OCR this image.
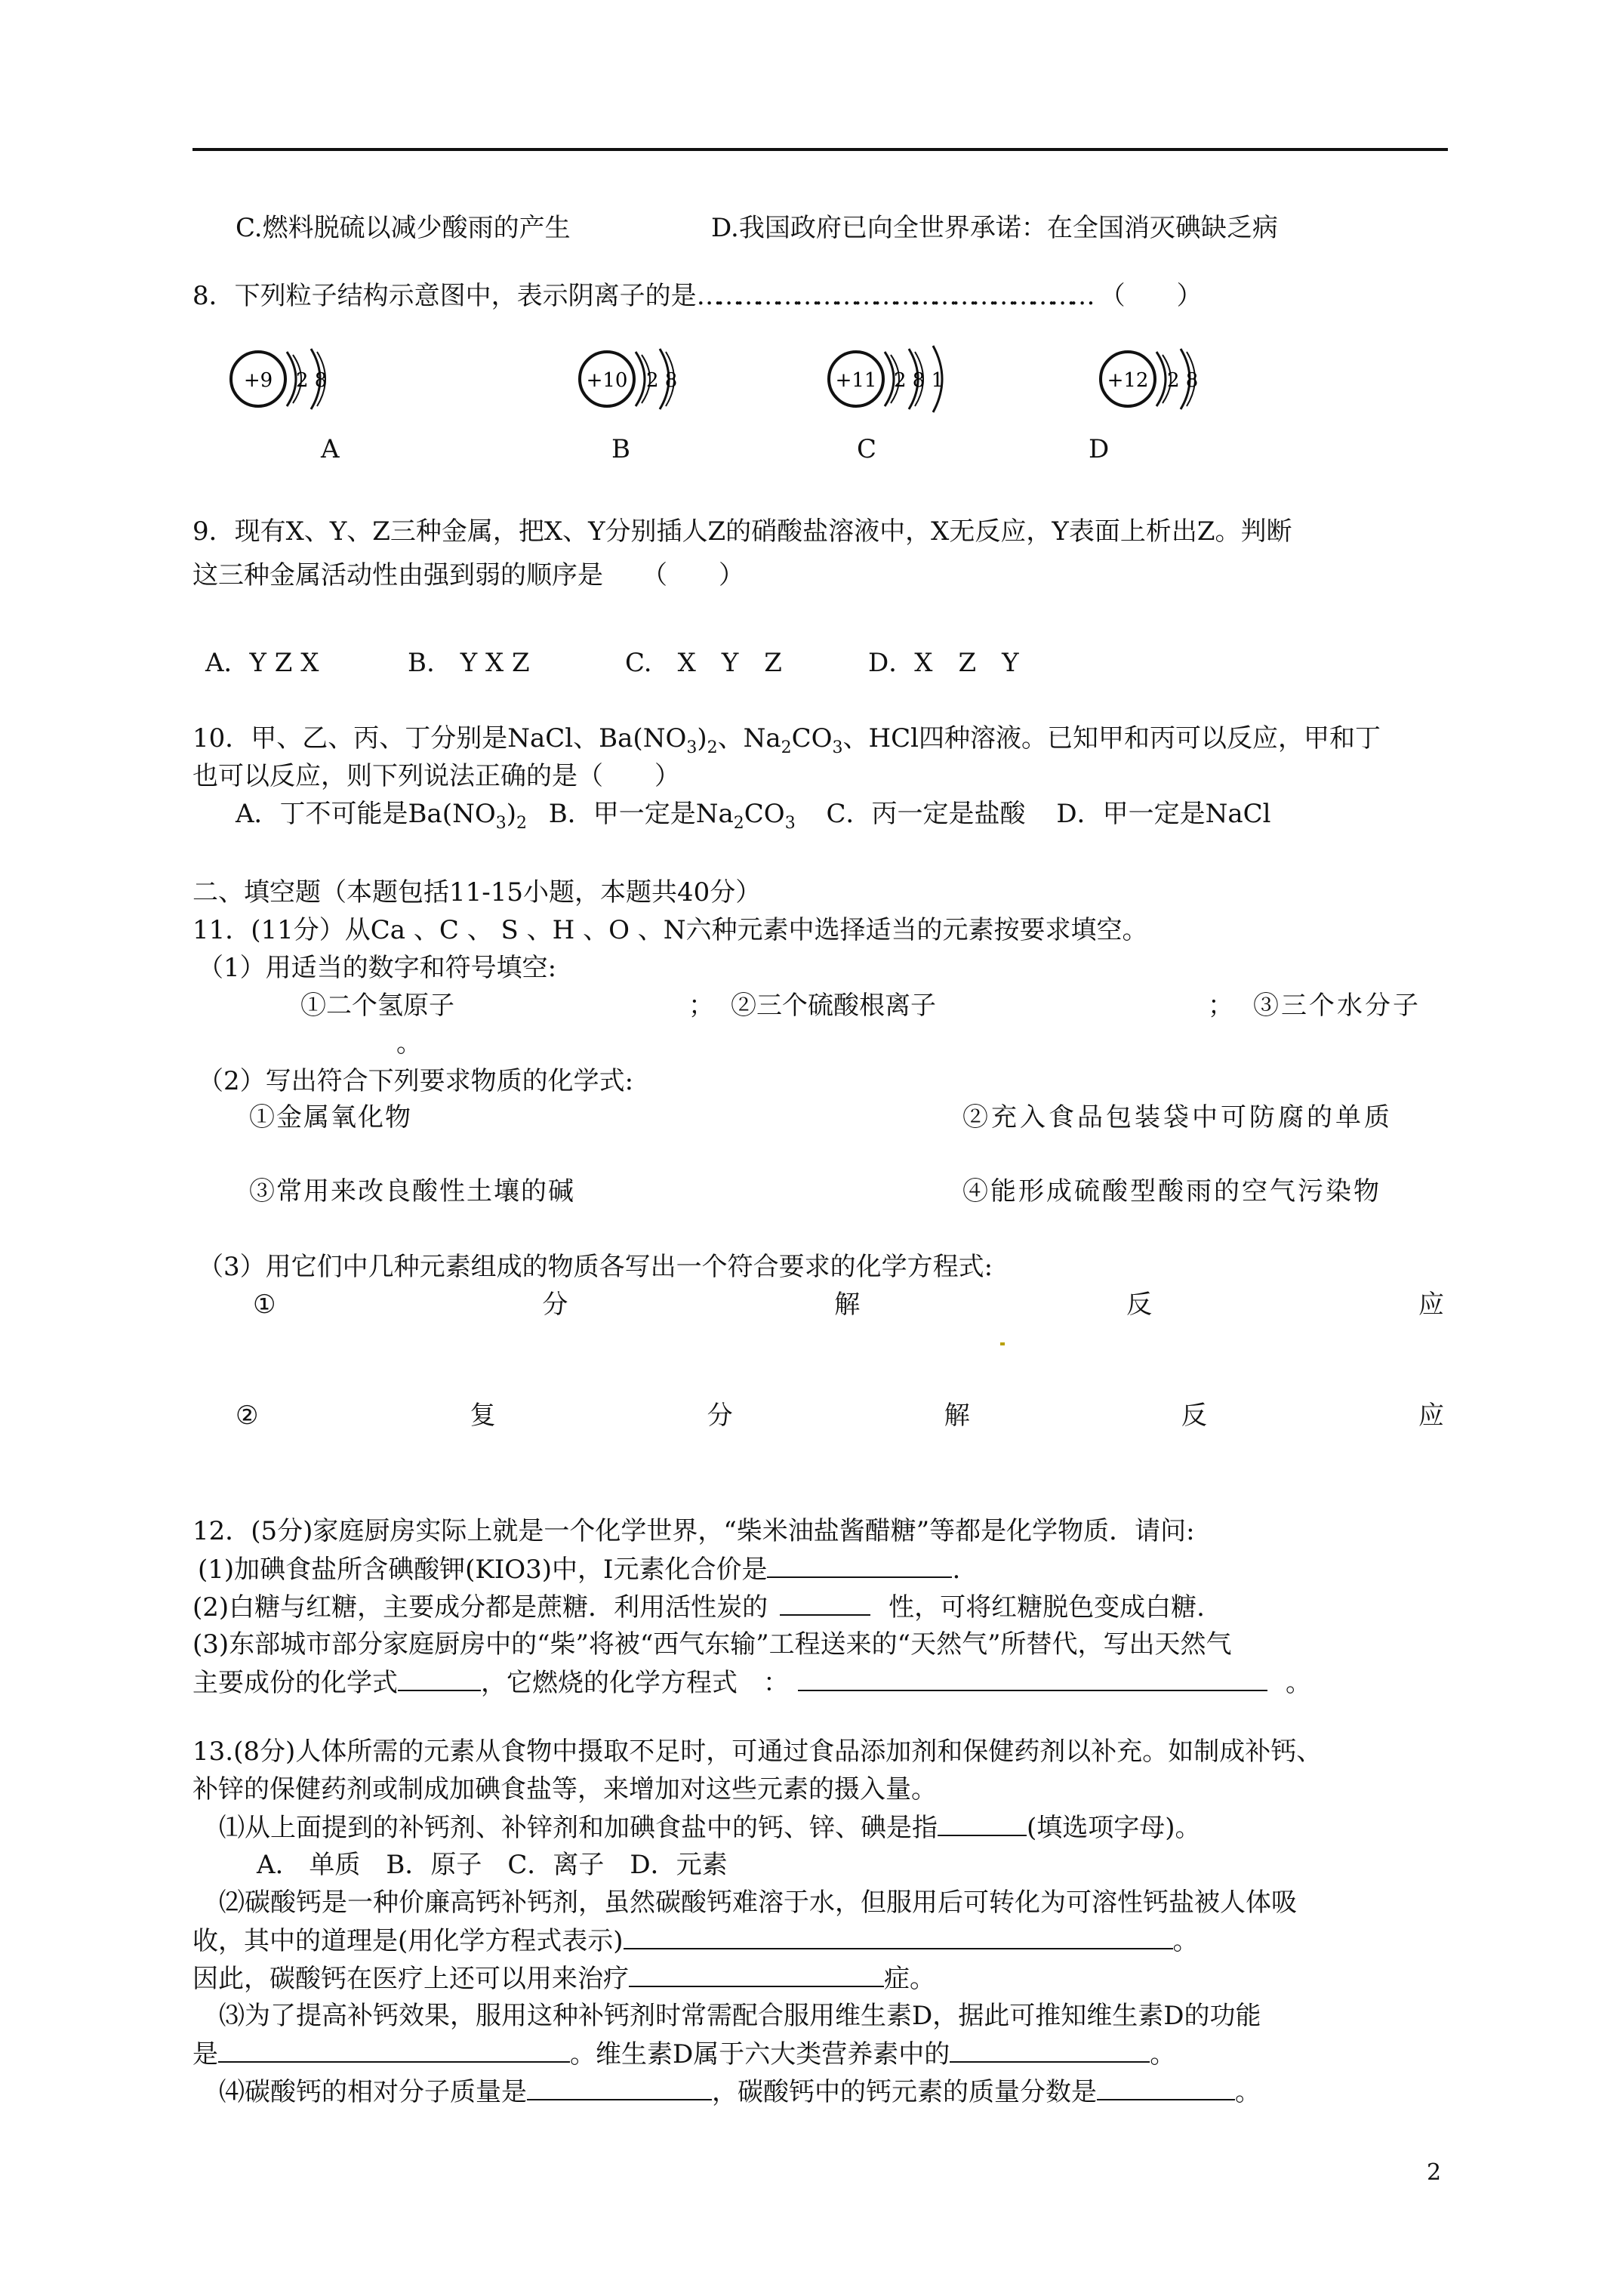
C.燃料脱硫以减少酸雨的产生	D.我国政府已向全世界承诺：在全国消灭碘缺乏病
8．下列粒子结构示意图中，表示阴离子的是…………………………………………………… （　　）
+9 2 8
A
+10 2 8
B
+11 2 8 1
C
+12 2 8
D
9．现有X、Y、Z三种金属，把X、Y分别插人Z的硝酸盐溶液中，X无反应，Y表面上析出Z。判断
这三种金属活动性由强到弱的顺序是　　（　　）
A．Y Z X	B.　Y X Z	C.　X　Y　Z	D．X　Z　Y
10．甲、乙、丙、丁分别是NaCl、$Ba(NO_3)_2$、$Na_2CO_3$、HCl四种溶液。已知甲和丙可以反应，甲和丁
也可以反应，则下列说法正确的是（　　）
A．丁不可能是$Ba(NO_3)_2$ B．甲一定是$Na_2CO_3$ C．丙一定是盐酸 D．甲一定是NaCl
二、填空题（本题包括11-15小题，本题共40分）
11．(11分）从Ca 、C 、 S 、H 、O 、N六种元素中选择适当的元素按要求填空。
（1）用适当的数字和符号填空:
①二个氢原子	； ②三个硫酸根离子	； ③三个水分子
。
（2）写出符合下列要求物质的化学式:
①金属氧化物	②充入食品包装袋中可防腐的单质
③常用来改良酸性土壤的碱	④能形成硫酸型酸雨的空气污染物
（3）用它们中几种元素组成的物质各写出一个符合要求的化学方程式:
①	分	解	反	应
②	复	分	解	反	应
12．(5分)家庭厨房实际上就是一个化学世界，“柴米油盐酱醋糖”等都是化学物质．请问:
(1)加碘食盐所含碘酸钾(KIO3)中，I元素化合价是	.
(2)白糖与红糖，主要成分都是蔗糖．利用活性炭的	性，可将红糖脱色变成白糖.
(3)东部城市部分家庭厨房中的“柴”将被“西气东输”工程送来的“天然气”所替代，写出天然气
主要成份的化学式	，它燃烧的化学方程式　：	。
13.(8分)人体所需的元素从食物中摄取不足时，可通过食品添加剂和保健药剂以补充。如制成补钙、
补锌的保健药剂或制成加碘食盐等，来增加对这些元素的摄入量。
⑴从上面提到的补钙剂、补锌剂和加碘食盐中的钙、锌、碘是指	(填选项字母)。
A.　单质　B．原子　C．离子　D．元素
⑵碳酸钙是一种价廉高钙补钙剂，虽然碳酸钙难溶于水，但服用后可转化为可溶性钙盐被人体吸
收，其中的道理是(用化学方程式表示)	。
因此，碳酸钙在医疗上还可以用来治疗	症。
⑶为了提高补钙效果，服用这种补钙剂时常需配合服用维生素D，据此可推知维生素D的功能
是	。维生素D属于六大类营养素中的	。
⑷碳酸钙的相对分子质量是	，碳酸钙中的钙元素的质量分数是	。
2
